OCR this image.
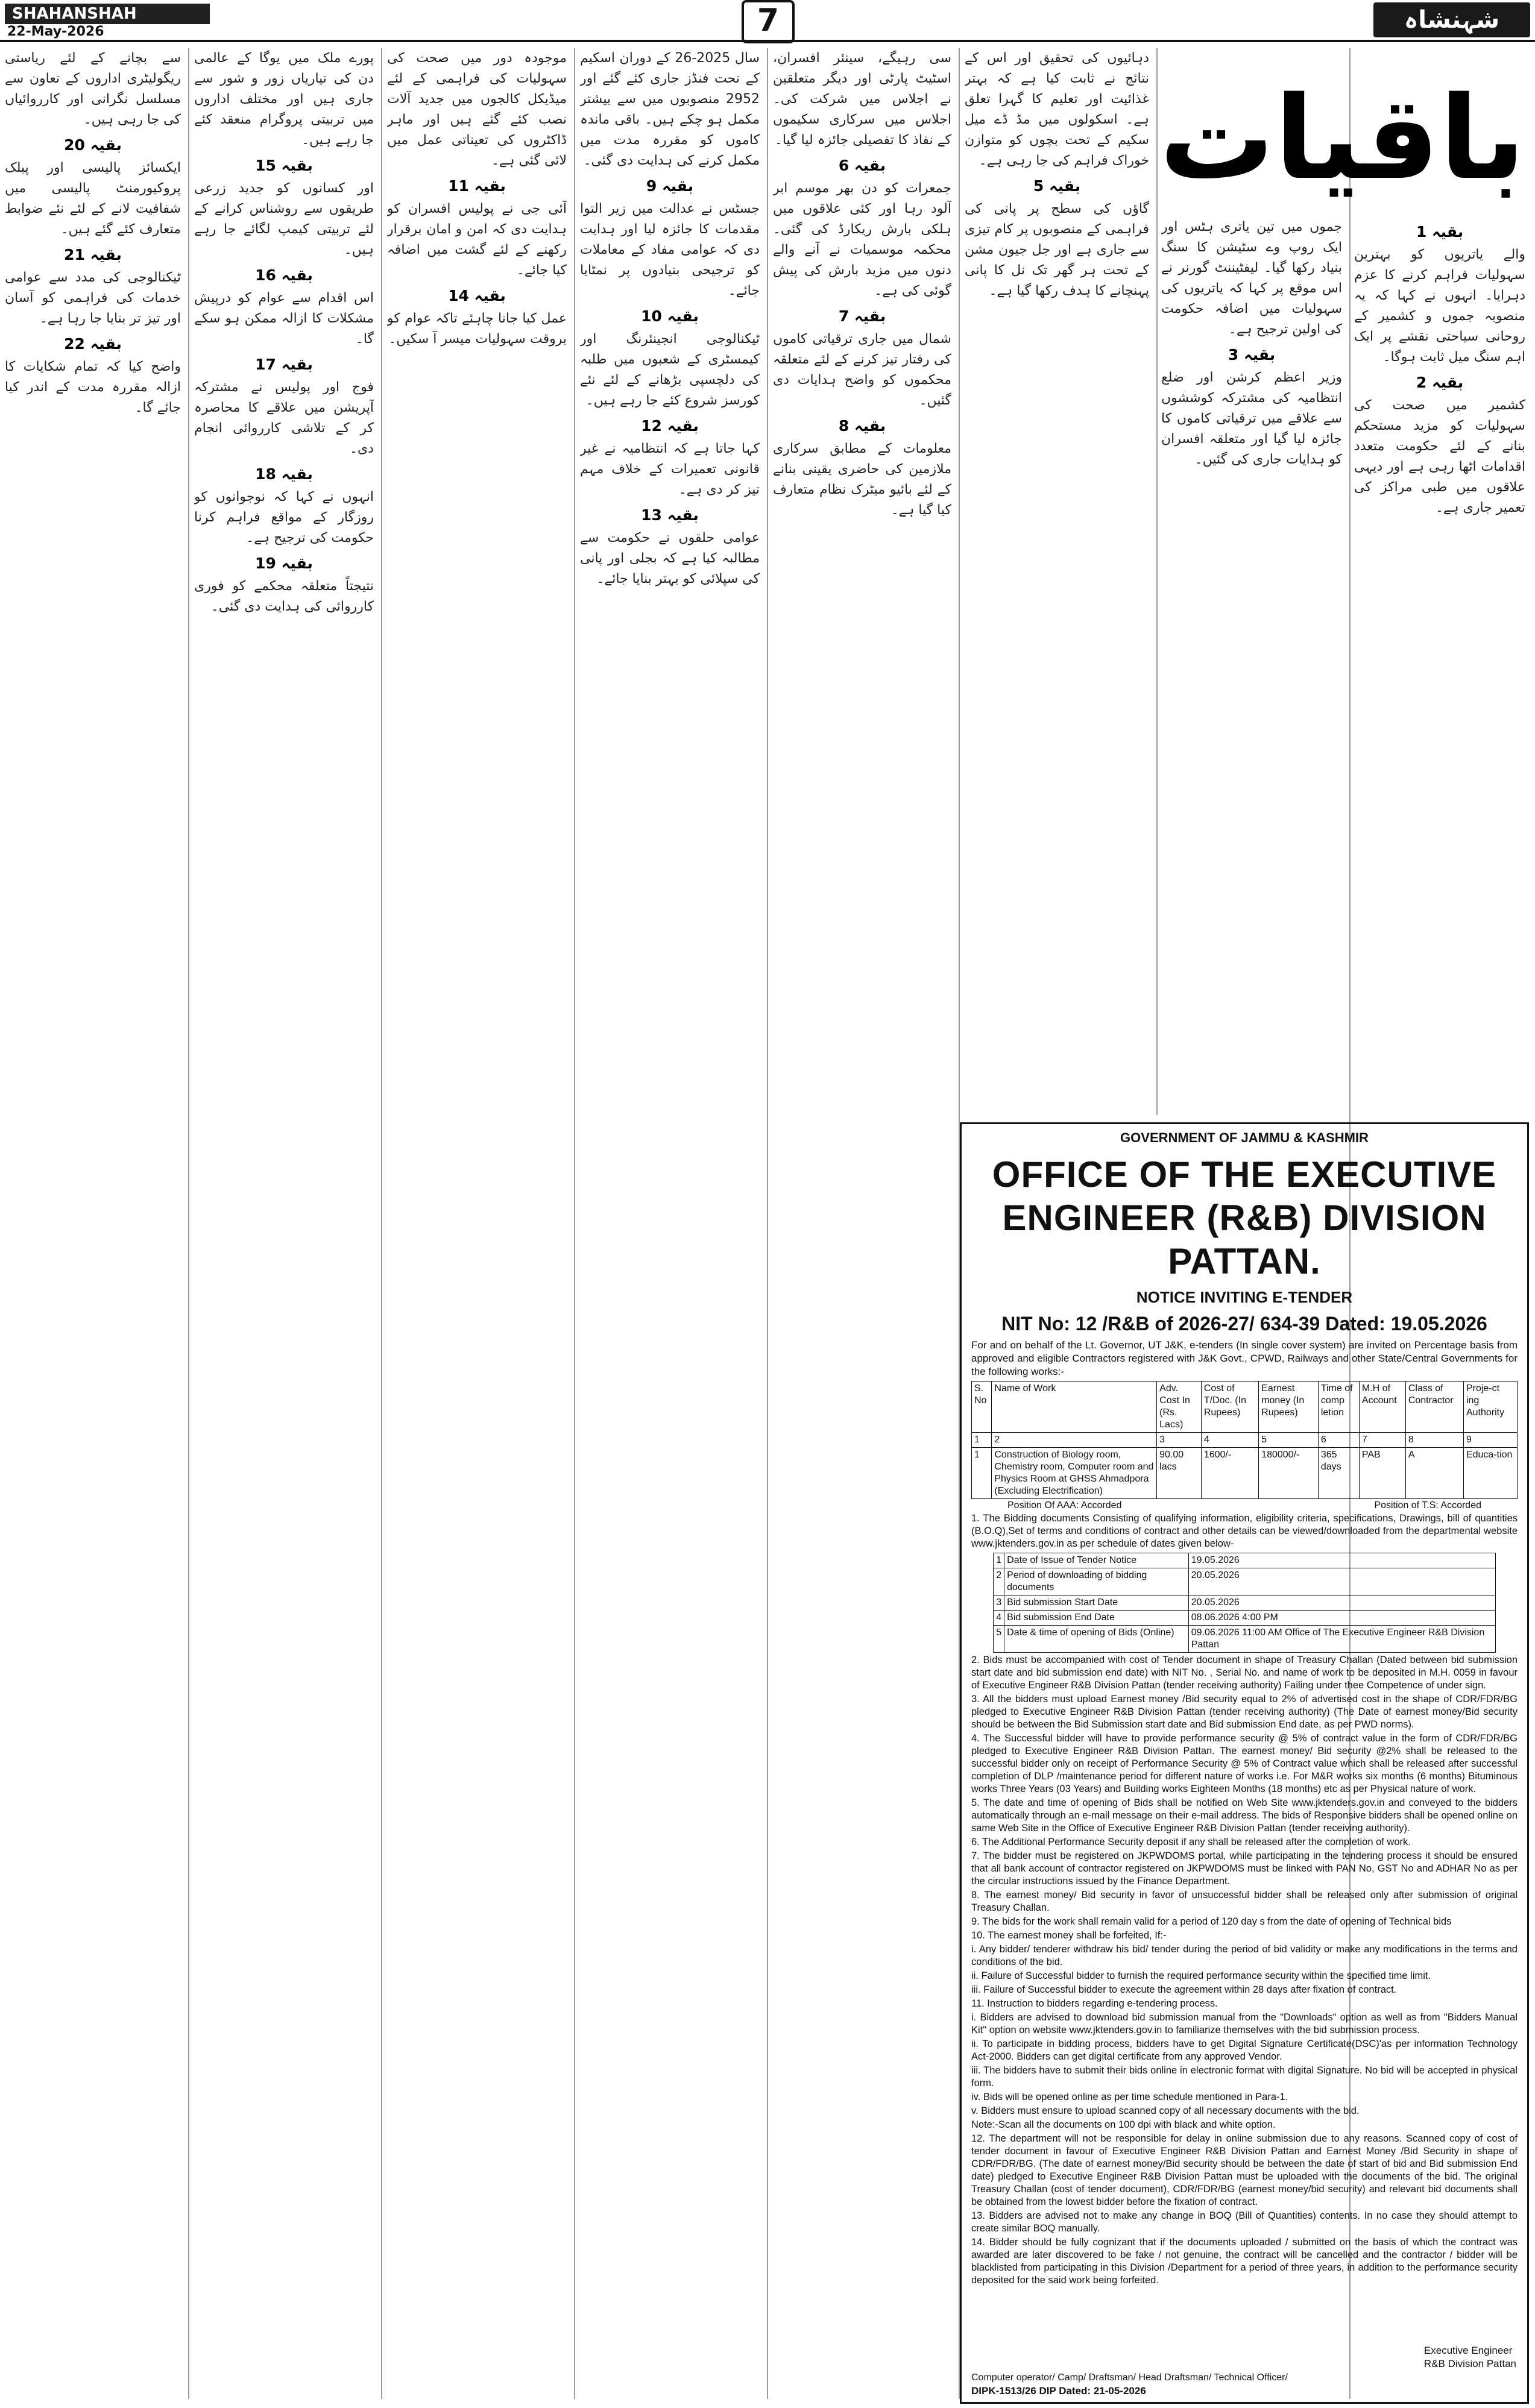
SHAHANSHAH
22-May-2026	7	شہنشاہ
بقیہ 1

والے یاتریوں کو بہترین سہولیات فراہم کرنے کا عزم دہرایا۔ انہوں نے کہا کہ یہ منصوبہ جموں و کشمیر کے روحانی سیاحتی نقشے پر ایک اہم سنگ میل ثابت ہوگا۔

بقیہ 2

کشمیر میں صحت کی سہولیات کو مزید مستحکم بنانے کے لئے حکومت متعدد اقدامات اٹھا رہی ہے اور دیہی علاقوں میں طبی مراکز کی تعمیر جاری ہے۔

جموں میں تین یاتری ہٹس اور ایک روپ وے سٹیشن کا سنگ بنیاد رکھا گیا۔ لیفٹیننٹ گورنر نے اس موقع پر کہا کہ یاتریوں کی سہولیات میں اضافہ حکومت کی اولین ترجیح ہے۔

بقیہ 3

وزیر اعظم کرشن اور ضلع انتظامیہ کی مشترکہ کوششوں سے علاقے میں ترقیاتی کاموں کا جائزہ لیا گیا اور متعلقہ افسران کو ہدایات جاری کی گئیں۔

دہائیوں کی تحقیق اور اس کے نتائج نے ثابت کیا ہے کہ بہتر غذائیت اور تعلیم کا گہرا تعلق ہے۔ اسکولوں میں مڈ ڈے میل سکیم کے تحت بچوں کو متوازن خوراک فراہم کی جا رہی ہے۔

بقیہ 5

گاؤں کی سطح پر پانی کی فراہمی کے منصوبوں پر کام تیزی سے جاری ہے اور جل جیون مشن کے تحت ہر گھر تک نل کا پانی پہنچانے کا ہدف رکھا گیا ہے۔

سی رہیگے، سینئر افسران، اسٹیٹ پارٹی اور دیگر متعلقین نے اجلاس میں شرکت کی۔ اجلاس میں سرکاری سکیموں کے نفاذ کا تفصیلی جائزہ لیا گیا۔

بقیہ 6

جمعرات کو دن بھر موسم ابر آلود رہا اور کئی علاقوں میں ہلکی بارش ریکارڈ کی گئی۔ محکمہ موسمیات نے آنے والے دنوں میں مزید بارش کی پیش گوئی کی ہے۔

بقیہ 7

شمال میں جاری ترقیاتی کاموں کی رفتار تیز کرنے کے لئے متعلقہ محکموں کو واضح ہدایات دی گئیں۔

بقیہ 8

معلومات کے مطابق سرکاری ملازمین کی حاضری یقینی بنانے کے لئے بائیو میٹرک نظام متعارف کیا گیا ہے۔

سال 2025-26 کے دوران اسکیم کے تحت فنڈز جاری کئے گئے اور 2952 منصوبوں میں سے بیشتر مکمل ہو چکے ہیں۔ باقی ماندہ کاموں کو مقررہ مدت میں مکمل کرنے کی ہدایت دی گئی۔

بقیہ 9

جسٹس نے عدالت میں زیر التوا مقدمات کا جائزہ لیا اور ہدایت دی کہ عوامی مفاد کے معاملات کو ترجیحی بنیادوں پر نمٹایا جائے۔

بقیہ 10

ٹیکنالوجی انجینئرنگ اور کیمسٹری کے شعبوں میں طلبہ کی دلچسپی بڑھانے کے لئے نئے کورسز شروع کئے جا رہے ہیں۔

بقیہ 12

کہا جاتا ہے کہ انتظامیہ نے غیر قانونی تعمیرات کے خلاف مہم تیز کر دی ہے۔

بقیہ 13

عوامی حلقوں نے حکومت سے مطالبہ کیا ہے کہ بجلی اور پانی کی سپلائی کو بہتر بنایا جائے۔

موجودہ دور میں صحت کی سہولیات کی فراہمی کے لئے میڈیکل کالجوں میں جدید آلات نصب کئے گئے ہیں اور ماہر ڈاکٹروں کی تعیناتی عمل میں لائی گئی ہے۔

بقیہ 11

آئی جی نے پولیس افسران کو ہدایت دی کہ امن و امان برقرار رکھنے کے لئے گشت میں اضافہ کیا جائے۔

بقیہ 14

عمل کیا جانا چاہئے تاکہ عوام کو بروقت سہولیات میسر آ سکیں۔

پورے ملک میں یوگا کے عالمی دن کی تیاریاں زور و شور سے جاری ہیں اور مختلف اداروں میں تربیتی پروگرام منعقد کئے جا رہے ہیں۔

بقیہ 15

اور کسانوں کو جدید زرعی طریقوں سے روشناس کرانے کے لئے تربیتی کیمپ لگائے جا رہے ہیں۔

بقیہ 16

اس اقدام سے عوام کو درپیش مشکلات کا ازالہ ممکن ہو سکے گا۔

بقیہ 17

فوج اور پولیس نے مشترکہ آپریشن میں علاقے کا محاصرہ کر کے تلاشی کارروائی انجام دی۔

بقیہ 18

انہوں نے کہا کہ نوجوانوں کو روزگار کے مواقع فراہم کرنا حکومت کی ترجیح ہے۔

بقیہ 19

نتیجتاً متعلقہ محکمے کو فوری کارروائی کی ہدایت دی گئی۔

سے بچانے کے لئے ریاستی ریگولیٹری اداروں کے تعاون سے مسلسل نگرانی اور کارروائیاں کی جا رہی ہیں۔

بقیہ 20

ایکسائز پالیسی اور پبلک پروکیورمنٹ پالیسی میں شفافیت لانے کے لئے نئے ضوابط متعارف کئے گئے ہیں۔

بقیہ 21

ٹیکنالوجی کی مدد سے عوامی خدمات کی فراہمی کو آسان اور تیز تر بنایا جا رہا ہے۔

بقیہ 22

واضح کیا کہ تمام شکایات کا ازالہ مقررہ مدت کے اندر کیا جائے گا۔

باقیات
GOVERNMENT OF JAMMU & KASHMIR
OFFICE OF THE EXECUTIVE
ENGINEER (R&B) DIVISION PATTAN.
NOTICE INVITING E-TENDER
NIT No: 12 /R&B of 2026-27/ 634-39 Dated: 19.05.2026
For and on behalf of the Lt. Governor, UT J&K, e-tenders (In single cover system) are invited on Percentage basis from approved and eligible Contractors registered with J&K Govt., CPWD, Railways and other State/Central Governments for the following works:-
S. No	Name of Work	Adv. Cost In (Rs. Lacs)	Cost of T/Doc. (In Rupees)	Earnest money (In Rupees)	Time of comp letion	M.H of Account	Class of Contractor	Proje-ct ing Authority
1	2	3	4	5	6	7	8	9
1	Construction of Biology room, Chemistry room, Computer room and Physics Room at GHSS Ahmadpora (Excluding Electrification)	90.00 lacs	1600/-	180000/-	365 days	PAB	A	Educa-tion
Position Of AAA: Accorded	Position of T.S: Accorded
1. The Bidding documents Consisting of qualifying information, eligibility criteria, specifications, Drawings, bill of quantities (B.O.Q),Set of terms and conditions of contract and other details can be viewed/downloaded from the departmental website www.jktenders.gov.in as per schedule of dates given below-
1	Date of Issue of Tender Notice	19.05.2026
2	Period of downloading of bidding documents	20.05.2026
3	Bid submission Start Date	20.05.2026
4	Bid submission End Date	08.06.2026 4:00 PM
5	Date & time of opening of Bids (Online)	09.06.2026 11:00 AM Office of The Executive Engineer R&B Division Pattan
2. Bids must be accompanied with cost of Tender document in shape of Treasury Challan (Dated between bid submission start date and bid submission end date) with NIT No. , Serial No. and name of work to be deposited in M.H. 0059 in favour of Executive Engineer R&B Division Pattan (tender receiving authority) Failing under thee Competence of under sign.
3. All the bidders must upload Earnest money /Bid security equal to 2% of advertised cost in the shape of CDR/FDR/BG pledged to Executive Engineer R&B Division Pattan (tender receiving authority) (The Date of earnest money/Bid security should be between the Bid Submission start date and Bid submission End date, as per PWD norms).
4. The Successful bidder will have to provide performance security @ 5% of contract value in the form of CDR/FDR/BG pledged to Executive Engineer R&B Division Pattan. The earnest money/ Bid security @2% shall be released to the successful bidder only on receipt of Performance Security @ 5% of Contract value which shall be released after successful completion of DLP /maintenance period for different nature of works i.e. For M&R works six months (6 months) Bituminous works Three Years (03 Years) and Building works Eighteen Months (18 months) etc as per Physical nature of work.
5. The date and time of opening of Bids shall be notified on Web Site www.jktenders.gov.in and conveyed to the bidders automatically through an e-mail message on their e-mail address. The bids of Responsive bidders shall be opened online on same Web Site in the Office of Executive Engineer R&B Division Pattan (tender receiving authority).
6. The Additional Performance Security deposit if any shall be released after the completion of work.
7. The bidder must be registered on JKPWDOMS portal, while participating in the tendering process it should be ensured that all bank account of contractor registered on JKPWDOMS must be linked with PAN No, GST No and ADHAR No as per the circular instructions issued by the Finance Department.
8. The earnest money/ Bid security in favor of unsuccessful bidder shall be released only after submission of original Treasury Challan.
9. The bids for the work shall remain valid for a period of 120 day s from the date of opening of Technical bids
10. The earnest money shall be forfeited, If:-
i. Any bidder/ tenderer withdraw his bid/ tender during the period of bid validity or make any modifications in the terms and conditions of the bid.
ii. Failure of Successful bidder to furnish the required performance security within the specified time limit.
iii. Failure of Successful bidder to execute the agreement within 28 days after fixation of contract.
11. Instruction to bidders regarding e-tendering process.
i. Bidders are advised to download bid submission manual from the "Downloads" option as well as from "Bidders Manual Kit" option on website www.jktenders.gov.in to familiarize themselves with the bid submission process.
ii. To participate in bidding process, bidders have to get Digital Signature Certificate(DSC)'as per information Technology Act-2000. Bidders can get digital certificate from any approved Vendor.
iii. The bidders have to submit their bids online in electronic format with digital Signature. No bid will be accepted in physical form.
iv. Bids will be opened online as per time schedule mentioned in Para-1.
v. Bidders must ensure to upload scanned copy of all necessary documents with the bid.
Note:-Scan all the documents on 100 dpi with black and white option.
12. The department will not be responsible for delay in online submission due to any reasons. Scanned copy of cost of tender document in favour of Executive Engineer R&B Division Pattan and Earnest Money /Bid Security in shape of CDR/FDR/BG. (The date of earnest money/Bid security should be between the date of start of bid and Bid submission End date) pledged to Executive Engineer R&B Division Pattan must be uploaded with the documents of the bid. The original Treasury Challan (cost of tender document), CDR/FDR/BG (earnest money/bid security) and relevant bid documents shall be obtained from the lowest bidder before the fixation of contract.
13. Bidders are advised not to make any change in BOQ (Bill of Quantities) contents. In no case they should attempt to create similar BOQ manually.
14. Bidder should be fully cognizant that if the documents uploaded / submitted on the basis of which the contract was awarded are later discovered to be fake / not genuine, the contract will be cancelled and the contractor / bidder will be blacklisted from participating in this Division /Department for a period of three years, in addition to the performance security deposited for the said work being forfeited.
Executive Engineer
R&B Division Pattan
Computer operator/ Camp/ Draftsman/ Head Draftsman/ Technical Officer/
DIPK-1513/26 DIP Dated: 21-05-2026
